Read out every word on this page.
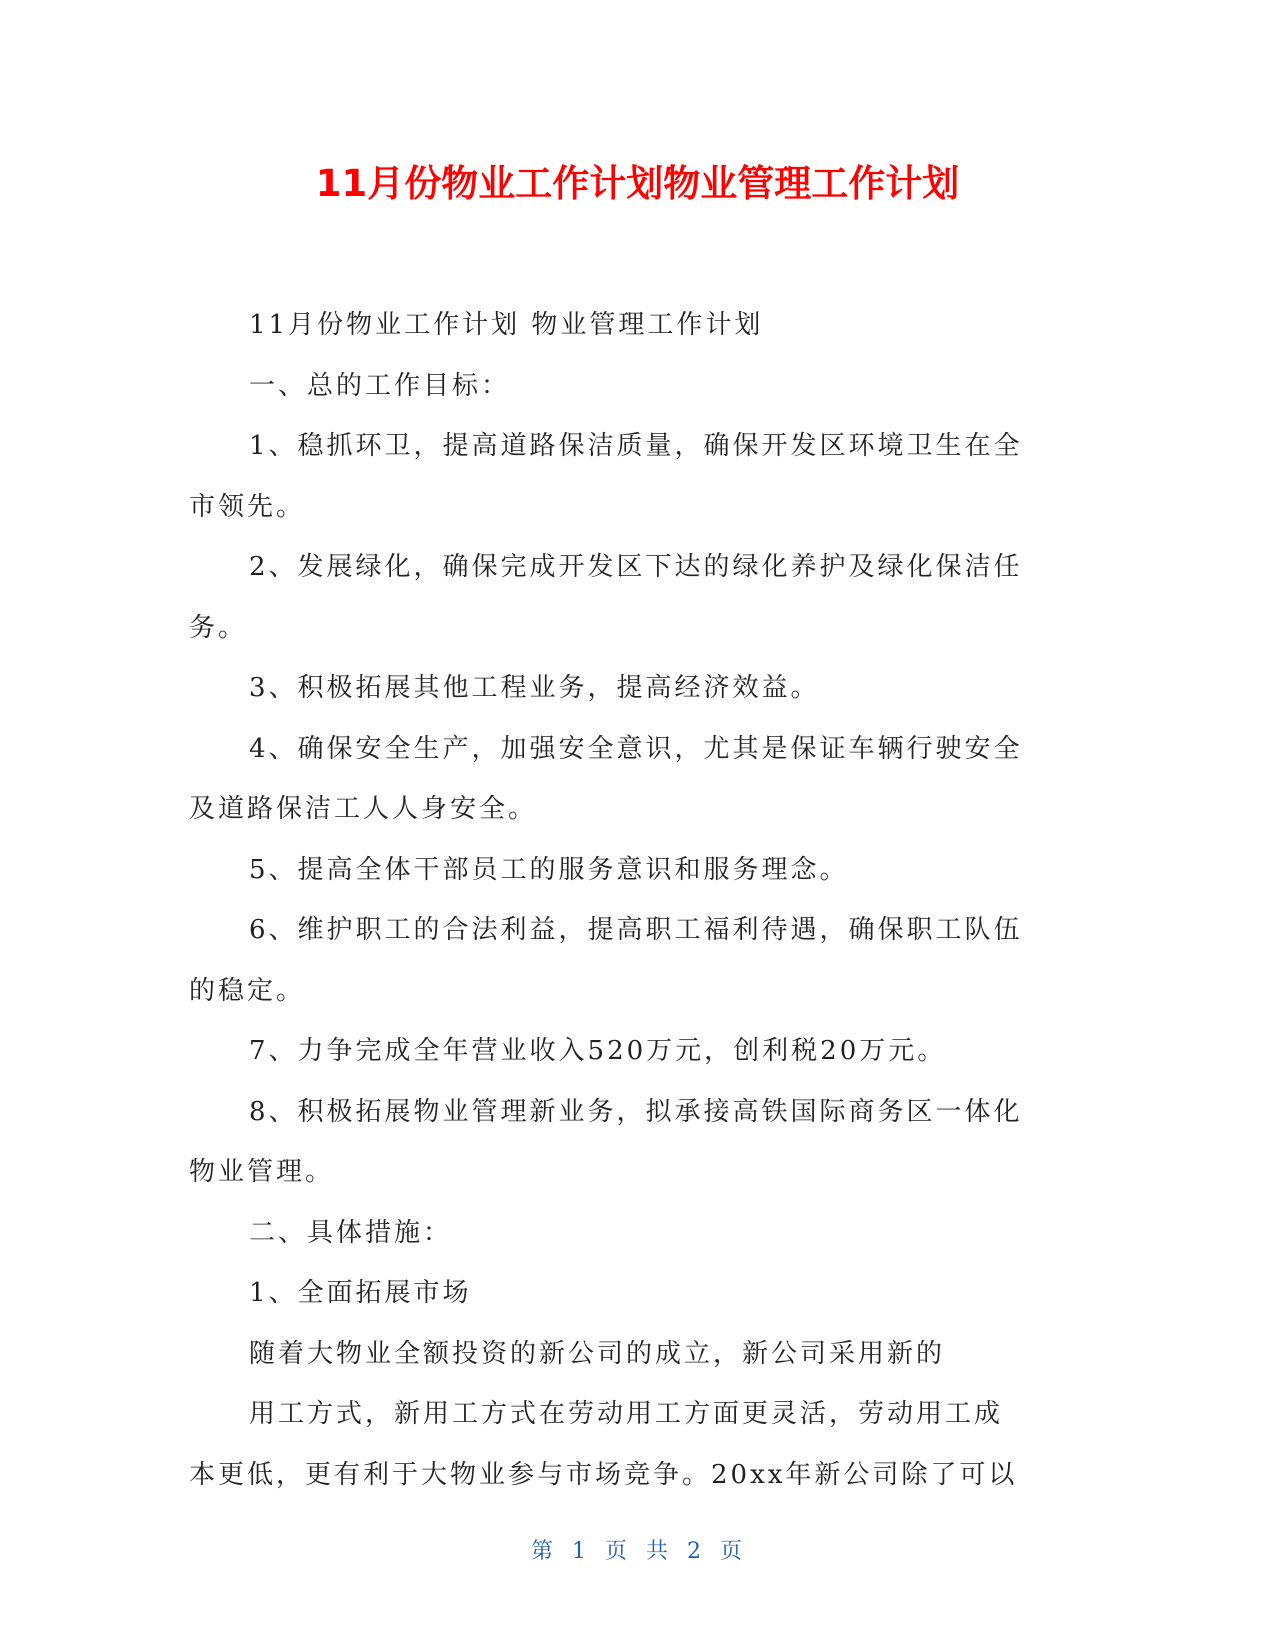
11月份物业工作计划物业管理工作计划

11月份物业工作计划 物业管理工作计划

一、总的工作目标：

1、稳抓环卫，提高道路保洁质量，确保开发区环境卫生在全

市领先。

2、发展绿化，确保完成开发区下达的绿化养护及绿化保洁任

务。

3、积极拓展其他工程业务，提高经济效益。

4、确保安全生产，加强安全意识，尤其是保证车辆行驶安全

及道路保洁工人人身安全。

5、提高全体干部员工的服务意识和服务理念。

6、维护职工的合法利益，提高职工福利待遇，确保职工队伍

的稳定。

7、力争完成全年营业收入520万元，创利税20万元。

8、积极拓展物业管理新业务，拟承接高铁国际商务区一体化

物业管理。

二、具体措施：

1、全面拓展市场

随着大物业全额投资的新公司的成立，新公司采用新的

用工方式，新用工方式在劳动用工方面更灵活，劳动用工成

本更低，更有利于大物业参与市场竞争。20xx年新公司除了可以

第 1 页 共 2 页
